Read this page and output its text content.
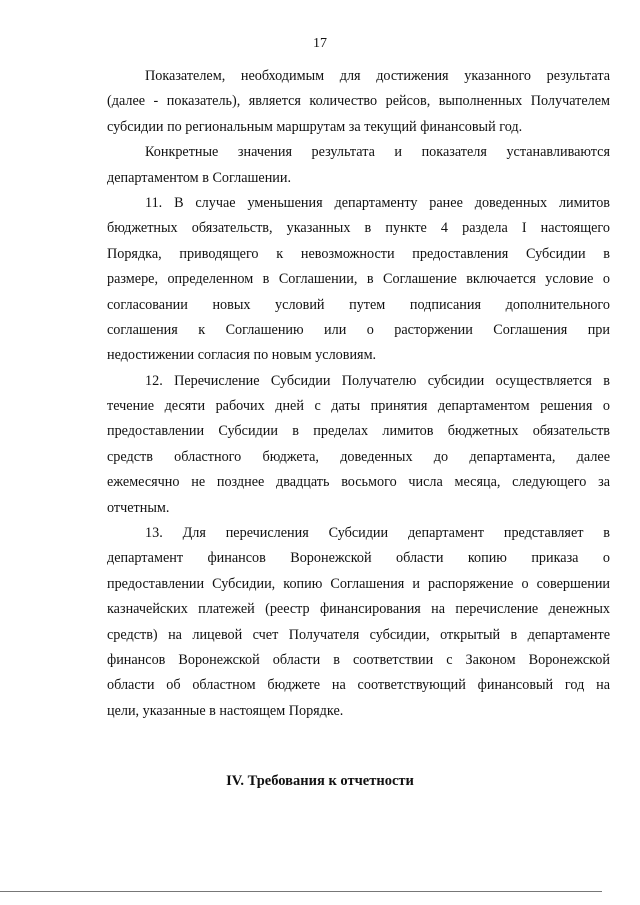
17
Показателем, необходимым для достижения указанного результата
(далее - показатель), является количество рейсов, выполненных Получателем
субсидии по региональным маршрутам за текущий финансовый год.
Конкретные значения результата и показателя устанавливаются
департаментом в Соглашении.
11. В случае уменьшения департаменту ранее доведенных лимитов
бюджетных обязательств, указанных в пункте 4 раздела I настоящего
Порядка, приводящего к невозможности предоставления Субсидии в
размере, определенном в Соглашении, в Соглашение включается условие о
согласовании новых условий путем подписания дополнительного
соглашения к Соглашению или о расторжении Соглашения при
недостижении согласия по новым условиям.
12. Перечисление Субсидии Получателю субсидии осуществляется в
течение десяти рабочих дней с даты принятия департаментом решения о
предоставлении Субсидии в пределах лимитов бюджетных обязательств
средств областного бюджета, доведенных до департамента, далее
ежемесячно не позднее двадцать восьмого числа месяца, следующего за
отчетным.
13. Для перечисления Субсидии департамент представляет в
департамент финансов Воронежской области копию приказа о
предоставлении Субсидии, копию Соглашения и распоряжение о совершении
казначейских платежей (реестр финансирования на перечисление денежных
средств) на лицевой счет Получателя субсидии, открытый в департаменте
финансов Воронежской области в соответствии с Законом Воронежской
области об областном бюджете на соответствующий финансовый год на
цели, указанные в настоящем Порядке.
IV. Требования к отчетности
